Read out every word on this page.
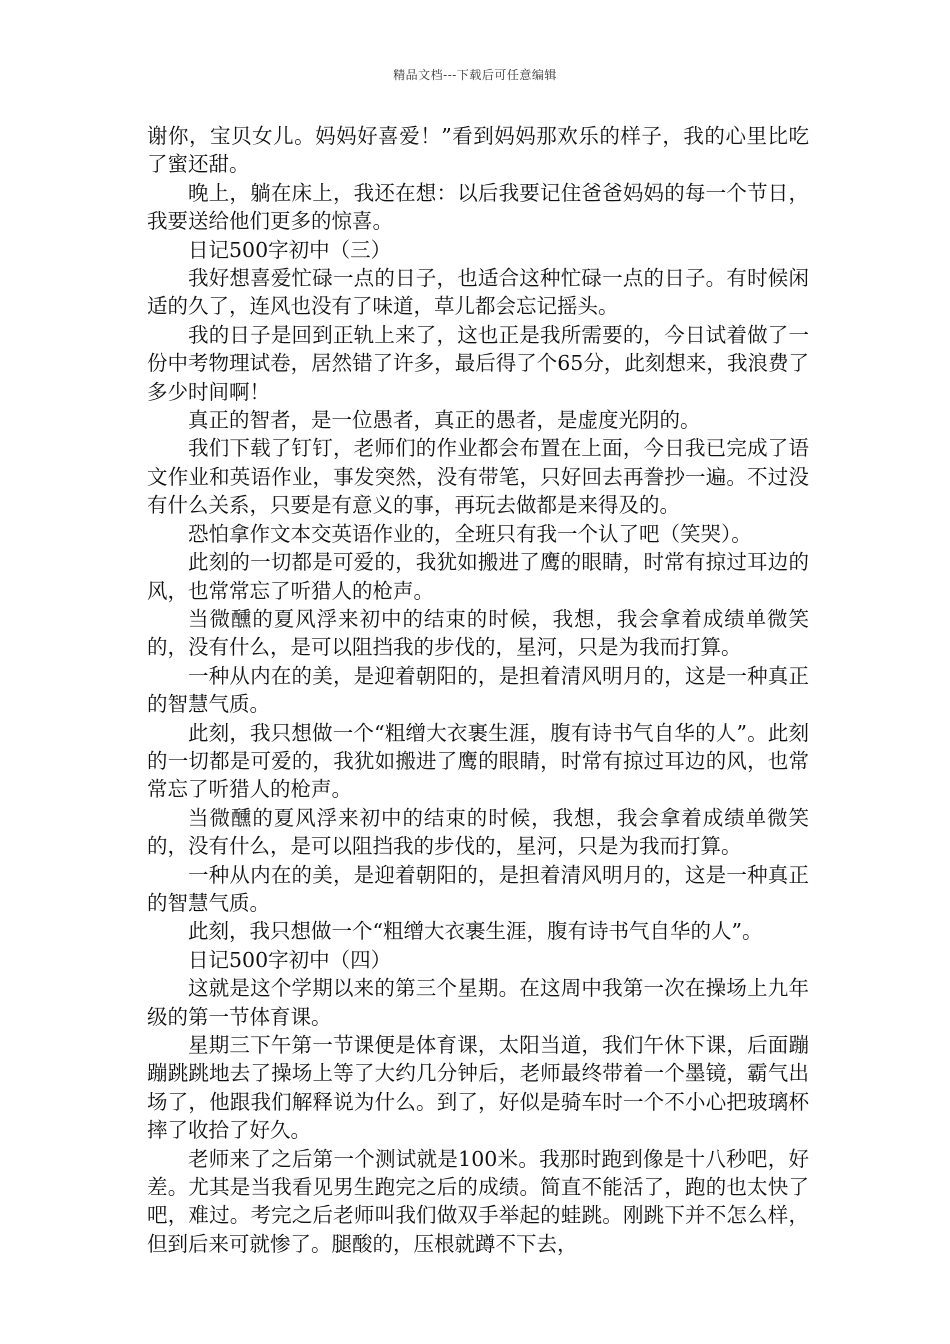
精品文档---下载后可任意编辑

谢你，宝贝女儿。妈妈好喜爱！”看到妈妈那欢乐的样子，我的心里比吃了蜜还甜。

晚上，躺在床上，我还在想：以后我要记住爸爸妈妈的每一个节日，我要送给他们更多的惊喜。

日记500字初中（三）

我好想喜爱忙碌一点的日子，也适合这种忙碌一点的日子。有时候闲适的久了，连风也没有了味道，草儿都会忘记摇头。

我的日子是回到正轨上来了，这也正是我所需要的，今日试着做了一份中考物理试卷，居然错了许多，最后得了个65分，此刻想来，我浪费了多少时间啊！

真正的智者，是一位愚者，真正的愚者，是虚度光阴的。

我们下载了钉钉，老师们的作业都会布置在上面，今日我已完成了语文作业和英语作业，事发突然，没有带笔，只好回去再誊抄一遍。不过没有什么关系，只要是有意义的事，再玩去做都是来得及的。

恐怕拿作文本交英语作业的，全班只有我一个认了吧（笑哭）。

此刻的一切都是可爱的，我犹如搬进了鹰的眼睛，时常有掠过耳边的风，也常常忘了听猎人的枪声。

当微醺的夏风浮来初中的结束的时候，我想，我会拿着成绩单微笑的，没有什么，是可以阻挡我的步伐的，星河，只是为我而打算。

一种从内在的美，是迎着朝阳的，是担着清风明月的，这是一种真正的智慧气质。

此刻，我只想做一个“粗缯大衣裹生涯，腹有诗书气自华的人”。此刻的一切都是可爱的，我犹如搬进了鹰的眼睛，时常有掠过耳边的风，也常常忘了听猎人的枪声。

当微醺的夏风浮来初中的结束的时候，我想，我会拿着成绩单微笑的，没有什么，是可以阻挡我的步伐的，星河，只是为我而打算。

一种从内在的美，是迎着朝阳的，是担着清风明月的，这是一种真正的智慧气质。

此刻，我只想做一个“粗缯大衣裹生涯，腹有诗书气自华的人”。

日记500字初中（四）

这就是这个学期以来的第三个星期。在这周中我第一次在操场上九年级的第一节体育课。

星期三下午第一节课便是体育课，太阳当道，我们午休下课，后面蹦蹦跳跳地去了操场上等了大约几分钟后，老师最终带着一个墨镜，霸气出场了，他跟我们解释说为什么。到了，好似是骑车时一个不小心把玻璃杯摔了收拾了好久。

老师来了之后第一个测试就是100米。我那时跑到像是十八秒吧，好差。尤其是当我看见男生跑完之后的成绩。简直不能活了，跑的也太快了吧，难过。考完之后老师叫我们做双手举起的蛙跳。刚跳下并不怎么样，但到后来可就惨了。腿酸的，压根就蹲不下去，
